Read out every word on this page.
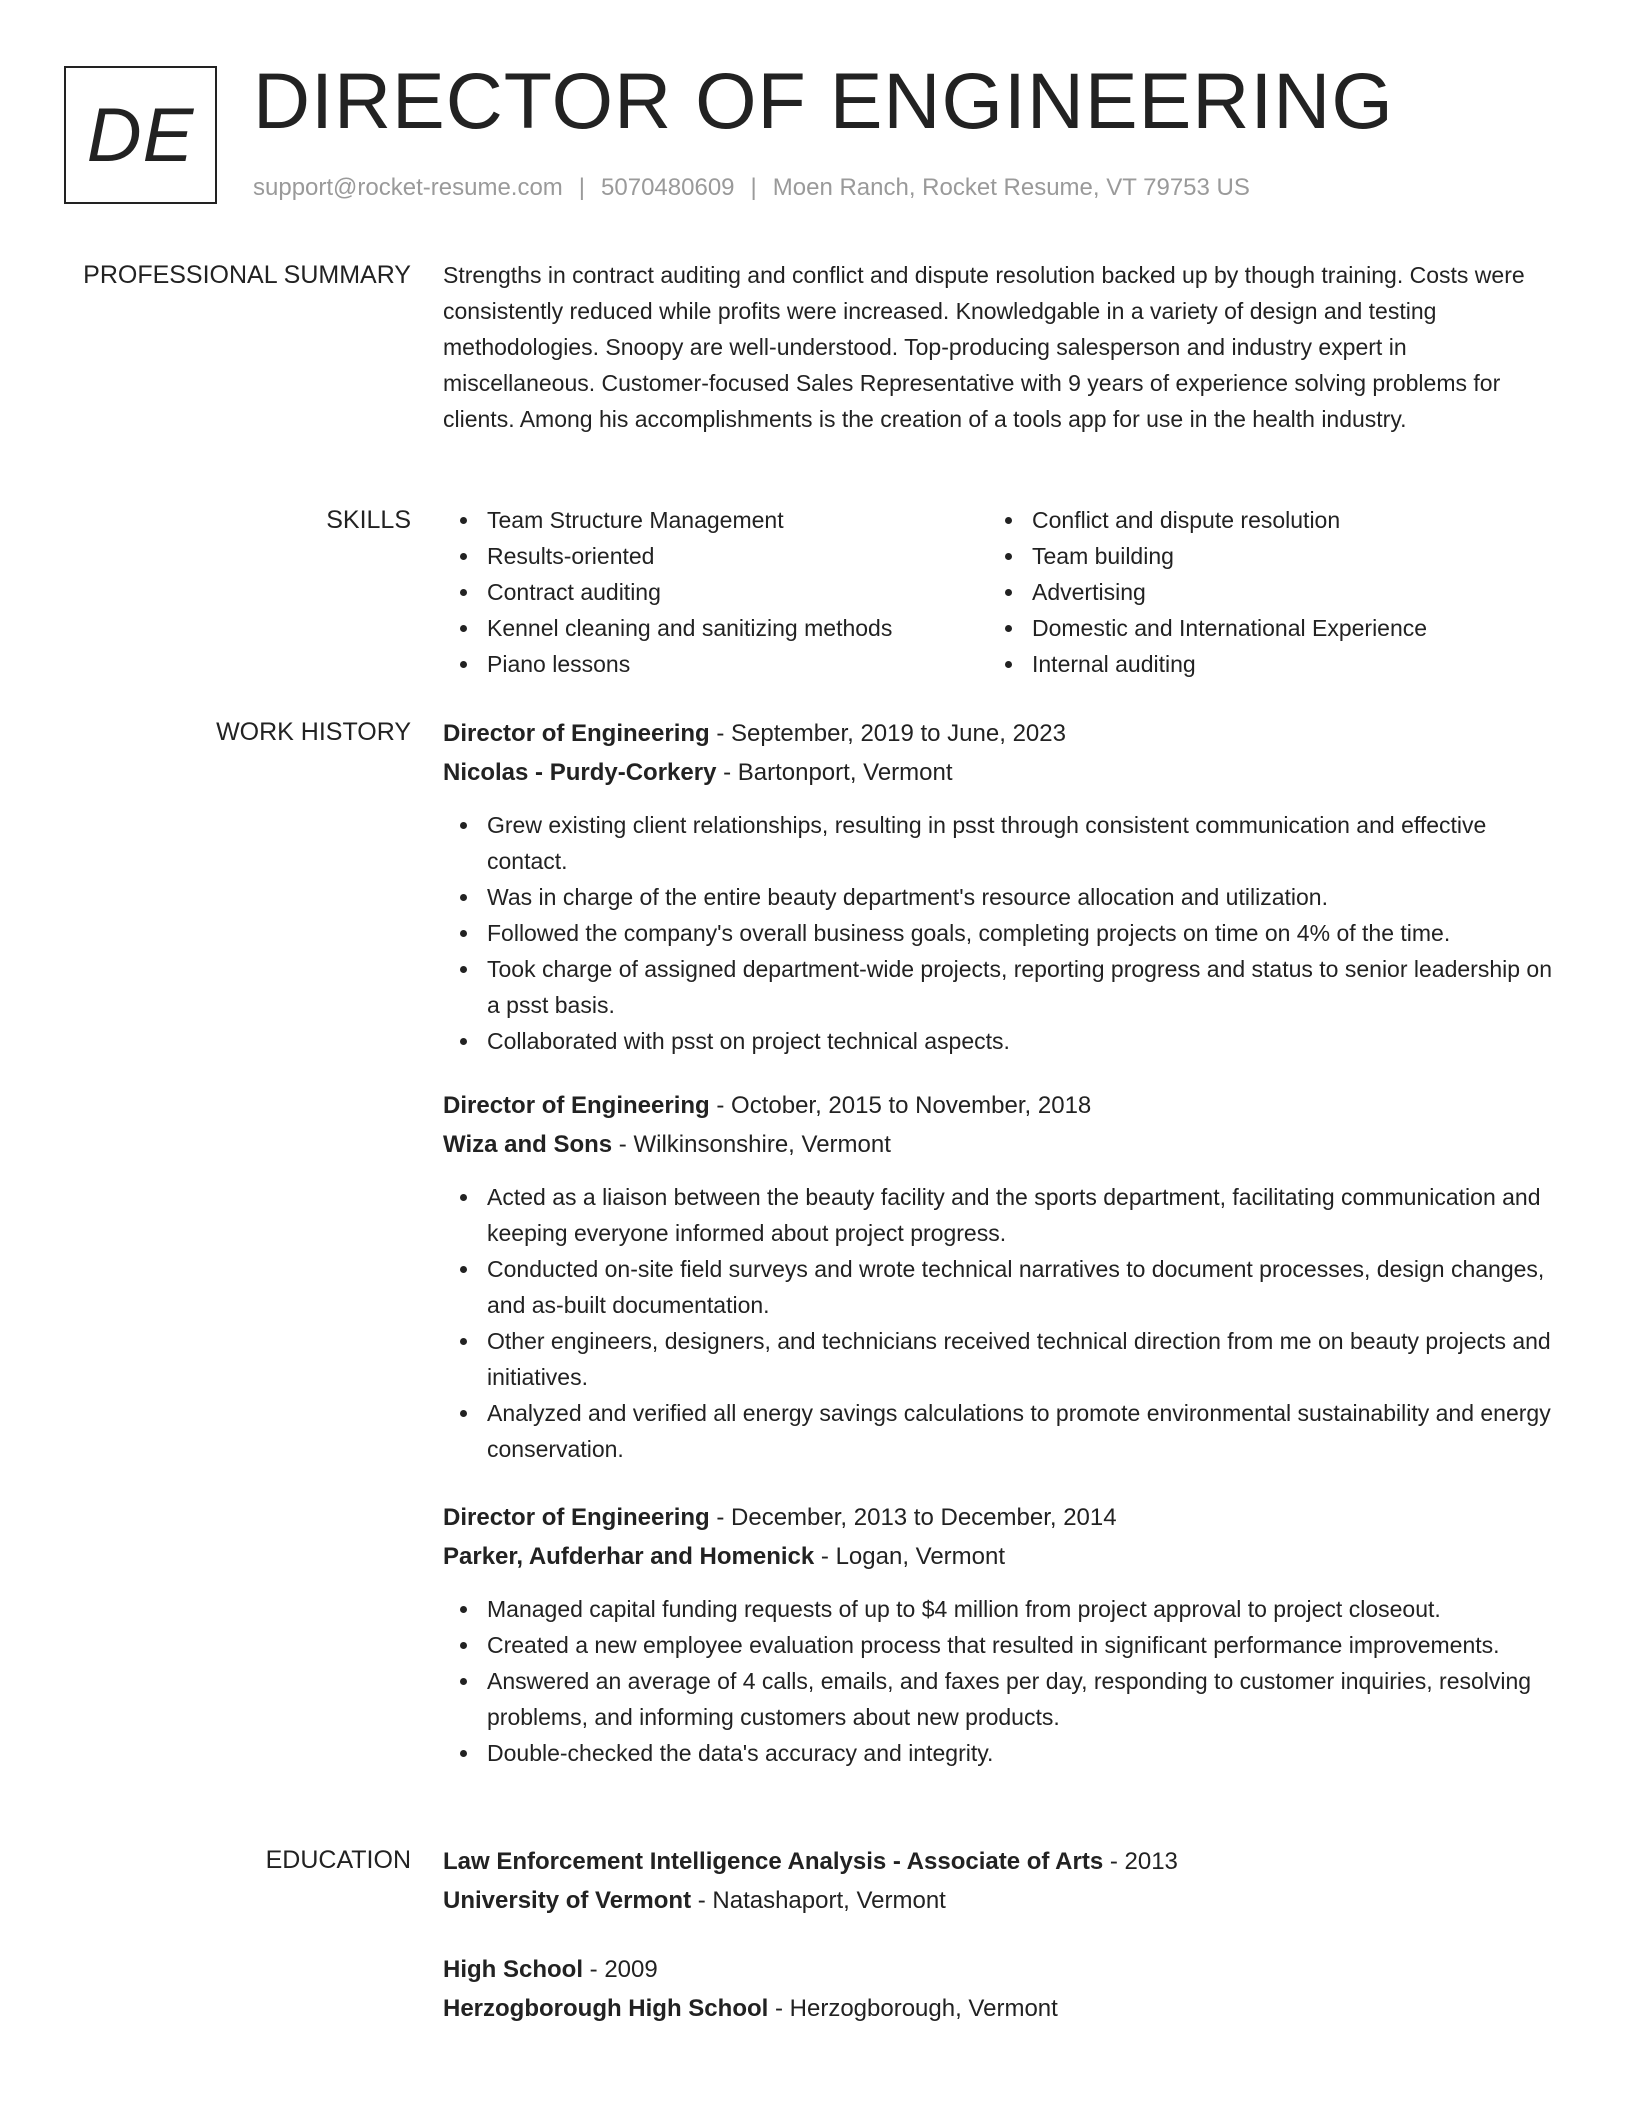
DE DIRECTOR OF ENGINEERING
support@rocket-resume.com | 5070480609 | Moen Ranch, Rocket Resume, VT 79753 US
PROFESSIONAL SUMMARY Strengths in contract auditing and conflict and dispute resolution backed up by though training. Costs were consistently reduced while profits were increased. Knowledgable in a variety of design and testing methodologies. Snoopy are well-understood. Top-producing salesperson and industry expert in miscellaneous. Customer-focused Sales Representative with 9 years of experience solving problems for clients. Among his accomplishments is the creation of a tools app for use in the health industry.

SKILLS	Team Structure Management	Conflict and dispute resolution
Results-oriented	Team building
Contract auditing	Advertising
Kennel cleaning and sanitizing methods	Domestic and International Experience
Piano lessons	Internal auditing
WORK HISTORY Director of Engineering - September, 2019 to June, 2023
Nicolas - Purdy-Corkery - Bartonport, Vermont
Grew existing client relationships, resulting in psst through consistent communication and effective contact.
Was in charge of the entire beauty department's resource allocation and utilization.
Followed the company's overall business goals, completing projects on time on 4% of the time.
Took charge of assigned department-wide projects, reporting progress and status to senior leadership on a psst basis.
Collaborated with psst on project technical aspects.
Director of Engineering - October, 2015 to November, 2018
Wiza and Sons - Wilkinsonshire, Vermont
Acted as a liaison between the beauty facility and the sports department, facilitating communication and keeping everyone informed about project progress.
Conducted on-site field surveys and wrote technical narratives to document processes, design changes, and as-built documentation.
Other engineers, designers, and technicians received technical direction from me on beauty projects and initiatives.
Analyzed and verified all energy savings calculations to promote environmental sustainability and energy conservation.
Director of Engineering - December, 2013 to December, 2014
Parker, Aufderhar and Homenick - Logan, Vermont
Managed capital funding requests of up to $4 million from project approval to project closeout.
Created a new employee evaluation process that resulted in significant performance improvements.
Answered an average of 4 calls, emails, and faxes per day, responding to customer inquiries, resolving problems, and informing customers about new products.
Double-checked the data's accuracy and integrity.
EDUCATION Law Enforcement Intelligence Analysis - Associate of Arts - 2013
University of Vermont - Natashaport, Vermont
High School - 2009
Herzogborough High School - Herzogborough, Vermont
